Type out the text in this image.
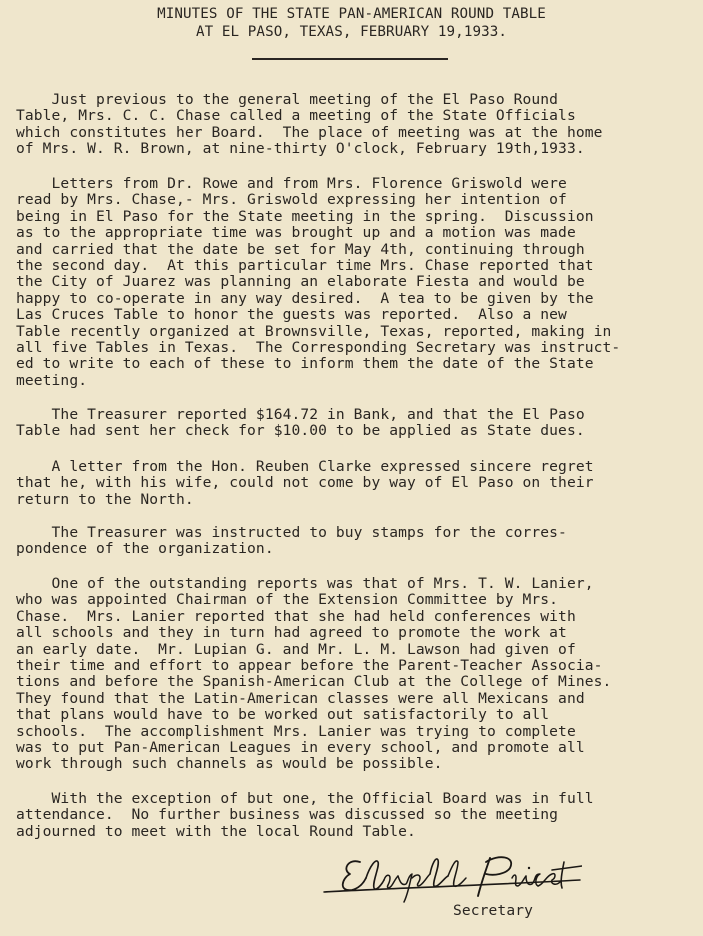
MINUTES OF THE STATE PAN-AMERICAN ROUND TABLE
AT EL PASO, TEXAS, FEBRUARY 19,1933.
Just previous to the general meeting of the El Paso Round
Table, Mrs. C. C. Chase called a meeting of the State Officials
which constitutes her Board.  The place of meeting was at the home
of Mrs. W. R. Brown, at nine-thirty O'clock, February 19th,1933.
Letters from Dr. Rowe and from Mrs. Florence Griswold were
read by Mrs. Chase,- Mrs. Griswold expressing her intention of
being in El Paso for the State meeting in the spring.  Discussion
as to the appropriate time was brought up and a motion was made
and carried that the date be set for May 4th, continuing through
the second day.  At this particular time Mrs. Chase reported that
the City of Juarez was planning an elaborate Fiesta and would be
happy to co-operate in any way desired.  A tea to be given by the
Las Cruces Table to honor the guests was reported.  Also a new
Table recently organized at Brownsville, Texas, reported, making in
all five Tables in Texas.  The Corresponding Secretary was instruct-
ed to write to each of these to inform them the date of the State
meeting.
The Treasurer reported $164.72 in Bank, and that the El Paso
Table had sent her check for $10.00 to be applied as State dues.
A letter from the Hon. Reuben Clarke expressed sincere regret
that he, with his wife, could not come by way of El Paso on their
return to the North.
The Treasurer was instructed to buy stamps for the corres-
pondence of the organization.
One of the outstanding reports was that of Mrs. T. W. Lanier,
who was appointed Chairman of the Extension Committee by Mrs.
Chase.  Mrs. Lanier reported that she had held conferences with
all schools and they in turn had agreed to promote the work at
an early date.  Mr. Lupian G. and Mr. L. M. Lawson had given of
their time and effort to appear before the Parent-Teacher Associa-
tions and before the Spanish-American Club at the College of Mines.
They found that the Latin-American classes were all Mexicans and
that plans would have to be worked out satisfactorily to all
schools.  The accomplishment Mrs. Lanier was trying to complete
was to put Pan-American Leagues in every school, and promote all
work through such channels as would be possible.
With the exception of but one, the Official Board was in full
attendance.  No further business was discussed so the meeting
adjourned to meet with the local Round Table.
Secretary
